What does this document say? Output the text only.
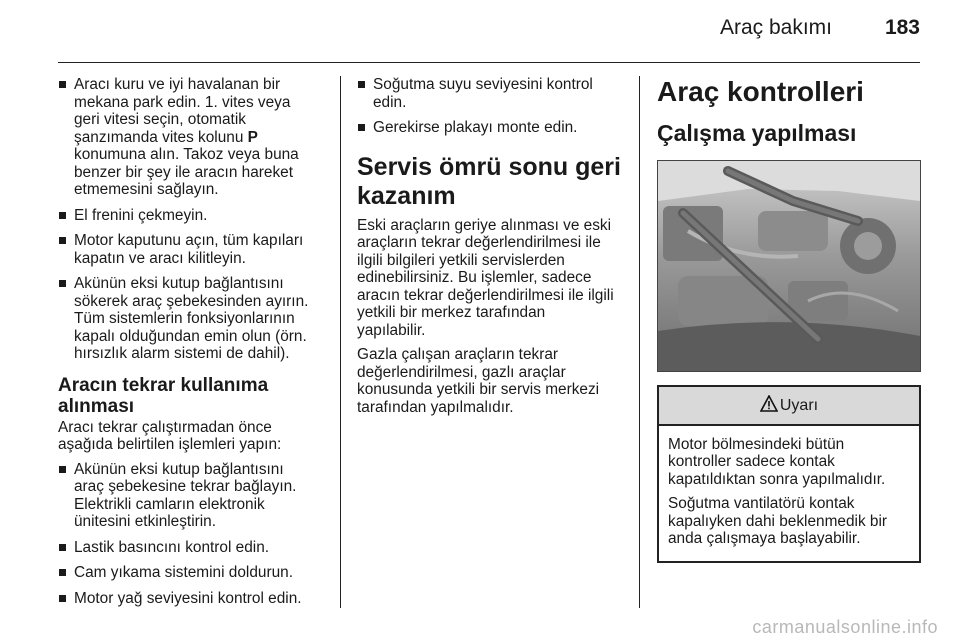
Araç bakımı	183
Aracı kuru ve iyi havalanan bir
mekana park edin. 1. vites veya
geri vitesi seçin, otomatik
şanzımanda vites kolunu P
konumuna alın. Takoz veya buna
benzer bir şey ile aracın hareket
etmemesini sağlayın.
El frenini çekmeyin.
Motor kaputunu açın, tüm kapıları
kapatın ve aracı kilitleyin.
Akünün eksi kutup bağlantısını
sökerek araç şebekesinden ayırın.
Tüm sistemlerin fonksiyonlarının
kapalı olduğundan emin olun (örn.
hırsızlık alarm sistemi de dahil).
Aracın tekrar kullanıma
alınması

Aracı tekrar çalıştırmadan önce
aşağıda belirtilen işlemleri yapın:

Akünün eksi kutup bağlantısını
araç şebekesine tekrar bağlayın.
Elektrikli camların elektronik
ünitesini etkinleştirin.
Lastik basıncını kontrol edin.
Cam yıkama sistemini doldurun.
Motor yağ seviyesini kontrol edin.
Soğutma suyu seviyesini kontrol
edin.
Gerekirse plakayı monte edin.
Servis ömrü sonu geri
kazanım

Eski araçların geriye alınması ve eski
araçların tekrar değerlendirilmesi ile
ilgili bilgileri yetkili servislerden
edinebilirsiniz. Bu işlemler, sadece
aracın tekrar değerlendirilmesi ile ilgili
yetkili bir merkez tarafından
yapılabilir.

Gazla çalışan araçların tekrar
değerlendirilmesi, gazlı araçlar
konusunda yetkili bir servis merkezi
tarafından yapılmalıdır.

Araç kontrolleri
Çalışma yapılması
Uyarı

Motor bölmesindeki bütün
kontroller sadece kontak
kapatıldıktan sonra yapılmalıdır.

Soğutma vantilatörü kontak
kapalıyken dahi beklenmedik bir
anda çalışmaya başlayabilir.

carmanualsonline.info
